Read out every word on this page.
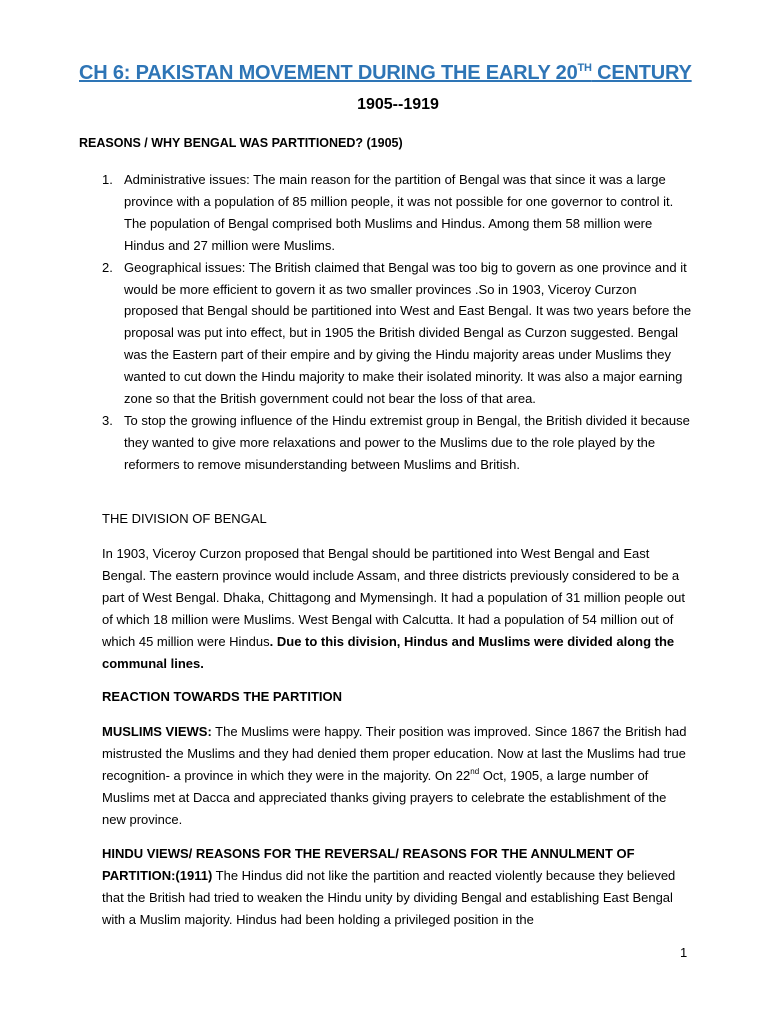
CH 6: PAKISTAN MOVEMENT DURING THE EARLY 20TH CENTURY
1905--1919
REASONS / WHY BENGAL WAS PARTITIONED? (1905)
1. Administrative issues: The main reason for the partition of Bengal was that since it was a large province with a population of 85 million people, it was not possible for one governor to control it. The population of Bengal comprised both Muslims and Hindus. Among them 58 million were Hindus and 27 million were Muslims.
2. Geographical issues: The British claimed that Bengal was too big to govern as one province and it would be more efficient to govern it as two smaller provinces .So in 1903, Viceroy Curzon proposed that Bengal should be partitioned into West and East Bengal. It was two years before the proposal was put into effect, but in 1905 the British divided Bengal as Curzon suggested. Bengal was the Eastern part of their empire and by giving the Hindu majority areas under Muslims they wanted to cut down the Hindu majority to make their isolated minority. It was also a major earning zone so that the British government could not bear the loss of that area.
3. To stop the growing influence of the Hindu extremist group in Bengal, the British divided it because they wanted to give more relaxations and power to the Muslims due to the role played by the reformers to remove misunderstanding between Muslims and British.
THE DIVISION OF BENGAL
In 1903, Viceroy Curzon proposed that Bengal should be partitioned into West Bengal and East Bengal. The eastern province would include Assam, and three districts previously considered to be a part of West Bengal. Dhaka, Chittagong and Mymensingh. It had a population of 31 million people out of which 18 million were Muslims. West Bengal with Calcutta. It had a population of 54 million out of which 45 million were Hindus. Due to this division, Hindus and Muslims were divided along the communal lines.
REACTION TOWARDS THE PARTITION
MUSLIMS VIEWS: The Muslims were happy. Their position was improved. Since 1867 the British had mistrusted the Muslims and they had denied them proper education. Now at last the Muslims had true recognition- a province in which they were in the majority. On 22nd Oct, 1905, a large number of Muslims met at Dacca and appreciated thanks giving prayers to celebrate the establishment of the new province.
HINDU VIEWS/ REASONS FOR THE REVERSAL/ REASONS FOR THE ANNULMENT OF PARTITION:(1911) The Hindus did not like the partition and reacted violently because they believed that the British had tried to weaken the Hindu unity by dividing Bengal and establishing East Bengal with a Muslim majority. Hindus had been holding a privileged position in the
1
